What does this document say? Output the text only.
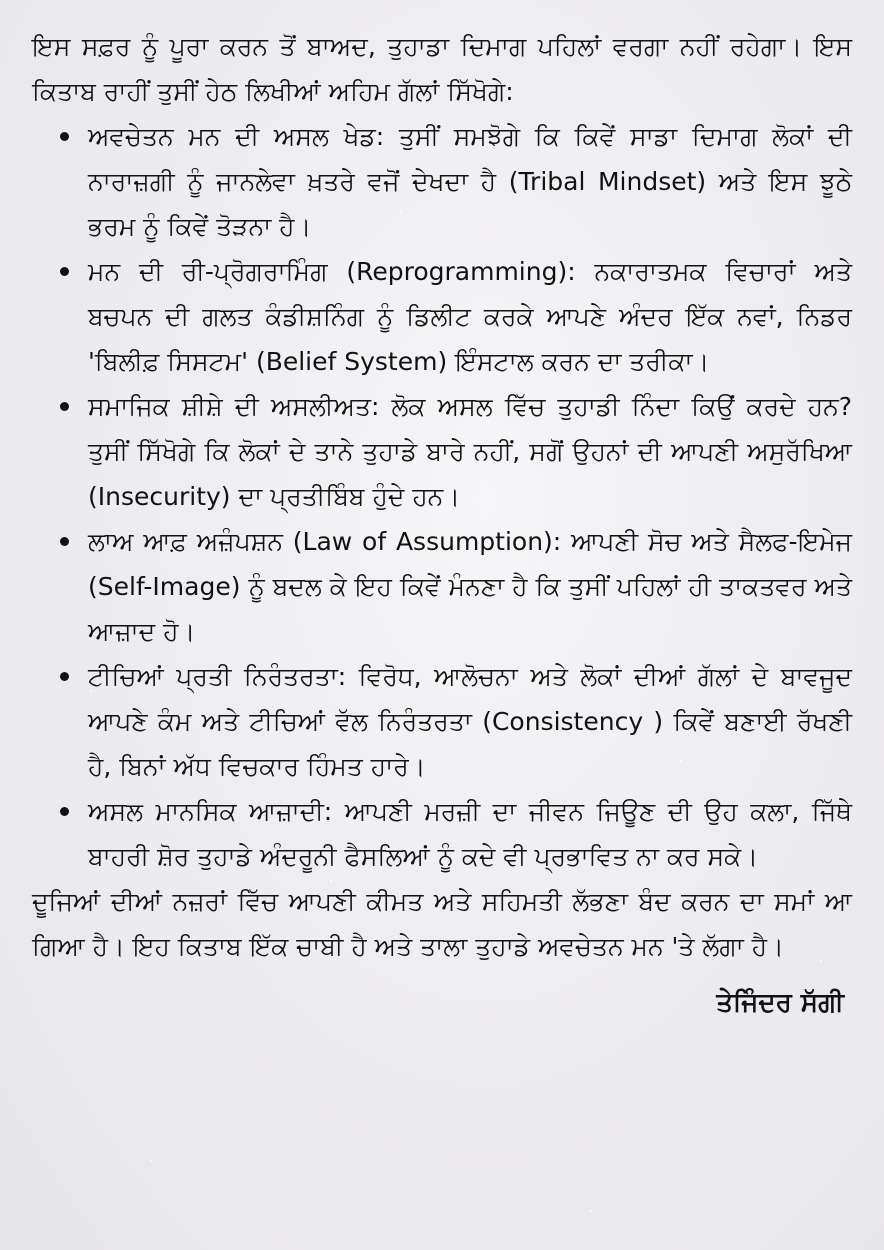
ਇਸ ਸਫ਼ਰ ਨੂੰ ਪੂਰਾ ਕਰਨ ਤੋਂ ਬਾਅਦ, ਤੁਹਾਡਾ ਦਿਮਾਗ ਪਹਿਲਾਂ ਵਰਗਾ ਨਹੀਂ ਰਹੇਗਾ। ਇਸ ਕਿਤਾਬ ਰਾਹੀਂ ਤੁਸੀਂ ਹੇਠ ਲਿਖੀਆਂ ਅਹਿਮ ਗੱਲਾਂ ਸਿੱਖੋਗੇ:

ਅਵਚੇਤਨ ਮਨ ਦੀ ਅਸਲ ਖੇਡ: ਤੁਸੀਂ ਸਮਝੋਗੇ ਕਿ ਕਿਵੇਂ ਸਾਡਾ ਦਿਮਾਗ ਲੋਕਾਂ ਦੀ ਨਾਰਾਜ਼ਗੀ ਨੂੰ ਜਾਨਲੇਵਾ ਖ਼ਤਰੇ ਵਜੋਂ ਦੇਖਦਾ ਹੈ (Tribal Mindset) ਅਤੇ ਇਸ ਝੂਠੇ ਭਰਮ ਨੂੰ ਕਿਵੇਂ ਤੋੜਨਾ ਹੈ।
ਮਨ ਦੀ ਰੀ-ਪ੍ਰੋਗਰਾਮਿੰਗ (Reprogramming): ਨਕਾਰਾਤਮਕ ਵਿਚਾਰਾਂ ਅਤੇ ਬਚਪਨ ਦੀ ਗਲਤ ਕੰਡੀਸ਼ਨਿੰਗ ਨੂੰ ਡਿਲੀਟ ਕਰਕੇ ਆਪਣੇ ਅੰਦਰ ਇੱਕ ਨਵਾਂ, ਨਿਡਰ 'ਬਿਲੀਫ਼ ਸਿਸਟਮ' (Belief System) ਇੰਸਟਾਲ ਕਰਨ ਦਾ ਤਰੀਕਾ।
ਸਮਾਜਿਕ ਸ਼ੀਸ਼ੇ ਦੀ ਅਸਲੀਅਤ: ਲੋਕ ਅਸਲ ਵਿੱਚ ਤੁਹਾਡੀ ਨਿੰਦਾ ਕਿਉਂ ਕਰਦੇ ਹਨ? ਤੁਸੀਂ ਸਿੱਖੋਗੇ ਕਿ ਲੋਕਾਂ ਦੇ ਤਾਨੇ ਤੁਹਾਡੇ ਬਾਰੇ ਨਹੀਂ, ਸਗੋਂ ਉਹਨਾਂ ਦੀ ਆਪਣੀ ਅਸੁਰੱਖਿਆ (Insecurity) ਦਾ ਪ੍ਰਤੀਬਿੰਬ ਹੁੰਦੇ ਹਨ।
ਲਾਅ ਆਫ਼ ਅਜ਼ੰਪਸ਼ਨ (Law of Assumption): ਆਪਣੀ ਸੋਚ ਅਤੇ ਸੈਲਫ-ਇਮੇਜ (Self-Image) ਨੂੰ ਬਦਲ ਕੇ ਇਹ ਕਿਵੇਂ ਮੰਨਣਾ ਹੈ ਕਿ ਤੁਸੀਂ ਪਹਿਲਾਂ ਹੀ ਤਾਕਤਵਰ ਅਤੇ ਆਜ਼ਾਦ ਹੋ।
ਟੀਚਿਆਂ ਪ੍ਰਤੀ ਨਿਰੰਤਰਤਾ: ਵਿਰੋਧ, ਆਲੋਚਨਾ ਅਤੇ ਲੋਕਾਂ ਦੀਆਂ ਗੱਲਾਂ ਦੇ ਬਾਵਜੂਦ ਆਪਣੇ ਕੰਮ ਅਤੇ ਟੀਚਿਆਂ ਵੱਲ ਨਿਰੰਤਰਤਾ (Consistency ) ਕਿਵੇਂ ਬਣਾਈ ਰੱਖਣੀ ਹੈ, ਬਿਨਾਂ ਅੱਧ ਵਿਚਕਾਰ ਹਿੰਮਤ ਹਾਰੇ।
ਅਸਲ ਮਾਨਸਿਕ ਆਜ਼ਾਦੀ: ਆਪਣੀ ਮਰਜ਼ੀ ਦਾ ਜੀਵਨ ਜਿਊਣ ਦੀ ਉਹ ਕਲਾ, ਜਿੱਥੇ ਬਾਹਰੀ ਸ਼ੋਰ ਤੁਹਾਡੇ ਅੰਦਰੂਨੀ ਫੈਸਲਿਆਂ ਨੂੰ ਕਦੇ ਵੀ ਪ੍ਰਭਾਵਿਤ ਨਾ ਕਰ ਸਕੇ।

ਦੂਜਿਆਂ ਦੀਆਂ ਨਜ਼ਰਾਂ ਵਿੱਚ ਆਪਣੀ ਕੀਮਤ ਅਤੇ ਸਹਿਮਤੀ ਲੱਭਣਾ ਬੰਦ ਕਰਨ ਦਾ ਸਮਾਂ ਆ ਗਿਆ ਹੈ। ਇਹ ਕਿਤਾਬ ਇੱਕ ਚਾਬੀ ਹੈ ਅਤੇ ਤਾਲਾ ਤੁਹਾਡੇ ਅਵਚੇਤਨ ਮਨ 'ਤੇ ਲੱਗਾ ਹੈ।

ਤੇਜਿੰਦਰ ਸੱਗੀ
